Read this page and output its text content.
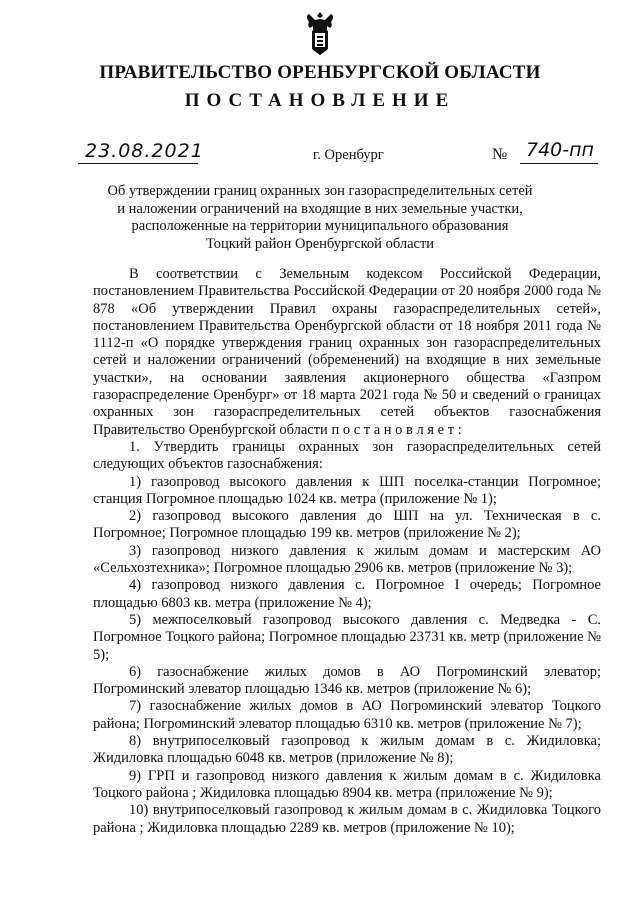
ПРАВИТЕЛЬСТВО ОРЕНБУРГСКОЙ ОБЛАСТИ
ПОСТАНОВЛЕНИЕ
23.08.2021	г. Оренбург	№ 740-пп
Об утверждении границ охранных зон газораспределительных сетей
и наложении ограничений на входящие в них земельные участки,
расположенные на территории муниципального образования
Тоцкий район Оренбургской области

В соответствии с Земельным кодексом Российской Федерации, постановлением Правительства Российской Федерации от 20 ноября 2000 года № 878 «Об утверждении Правил охраны газораспределительных сетей», постановлением Правительства Оренбургской области от 18 ноября 2011 года № 1112-п «О порядке утверждения границ охранных зон газораспределительных сетей и наложении ограничений (обременений) на входящие в них земельные участки», на основании заявления акционерного общества «Газпром газораспределение Оренбург» от 18 марта 2021 года № 50 и сведений о границах охранных зон газораспределительных сетей объектов газоснабжения Правительство Оренбургской области п о с т а н о в л я е т :

1. Утвердить границы охранных зон газораспределительных сетей следующих объектов газоснабжения:

1) газопровод высокого давления к ШП поселка-станции Погромное; станция Погромное площадью 1024 кв. метра (приложение № 1);

2) газопровод высокого давления до ШП на ул. Техническая в с. Погромное; Погромное площадью 199 кв. метров (приложение № 2);

3) газопровод низкого давления к жилым домам и мастерским АО «Сельхозтехника»; Погромное площадью 2906 кв. метров (приложение № 3);

4) газопровод низкого давления с. Погромное I очередь; Погромное площадью 6803 кв. метра (приложение № 4);

5) межпоселковый газопровод высокого давления с. Медведка - С. Погромное Тоцкого района; Погромное площадью 23731 кв. метр (приложение № 5);

6) газоснабжение жилых домов в АО Погроминский элеватор; Погроминский элеватор площадью 1346 кв. метров (приложение № 6);

7) газоснабжение жилых домов в АО Погроминский элеватор Тоцкого района; Погроминский элеватор площадью 6310 кв. метров (приложение № 7);

8) внутрипоселковый газопровод к жилым домам в с. Жидиловка; Жидиловка площадью 6048 кв. метров (приложение № 8);

9) ГРП и газопровод низкого давления к жилым домам в с. Жидиловка Тоцкого района ; Жидиловка площадью 8904 кв. метра (приложение № 9);

10) внутрипоселковый газопровод к жилым домам в с. Жидиловка Тоцкого района ; Жидиловка площадью 2289 кв. метров (приложение № 10);
